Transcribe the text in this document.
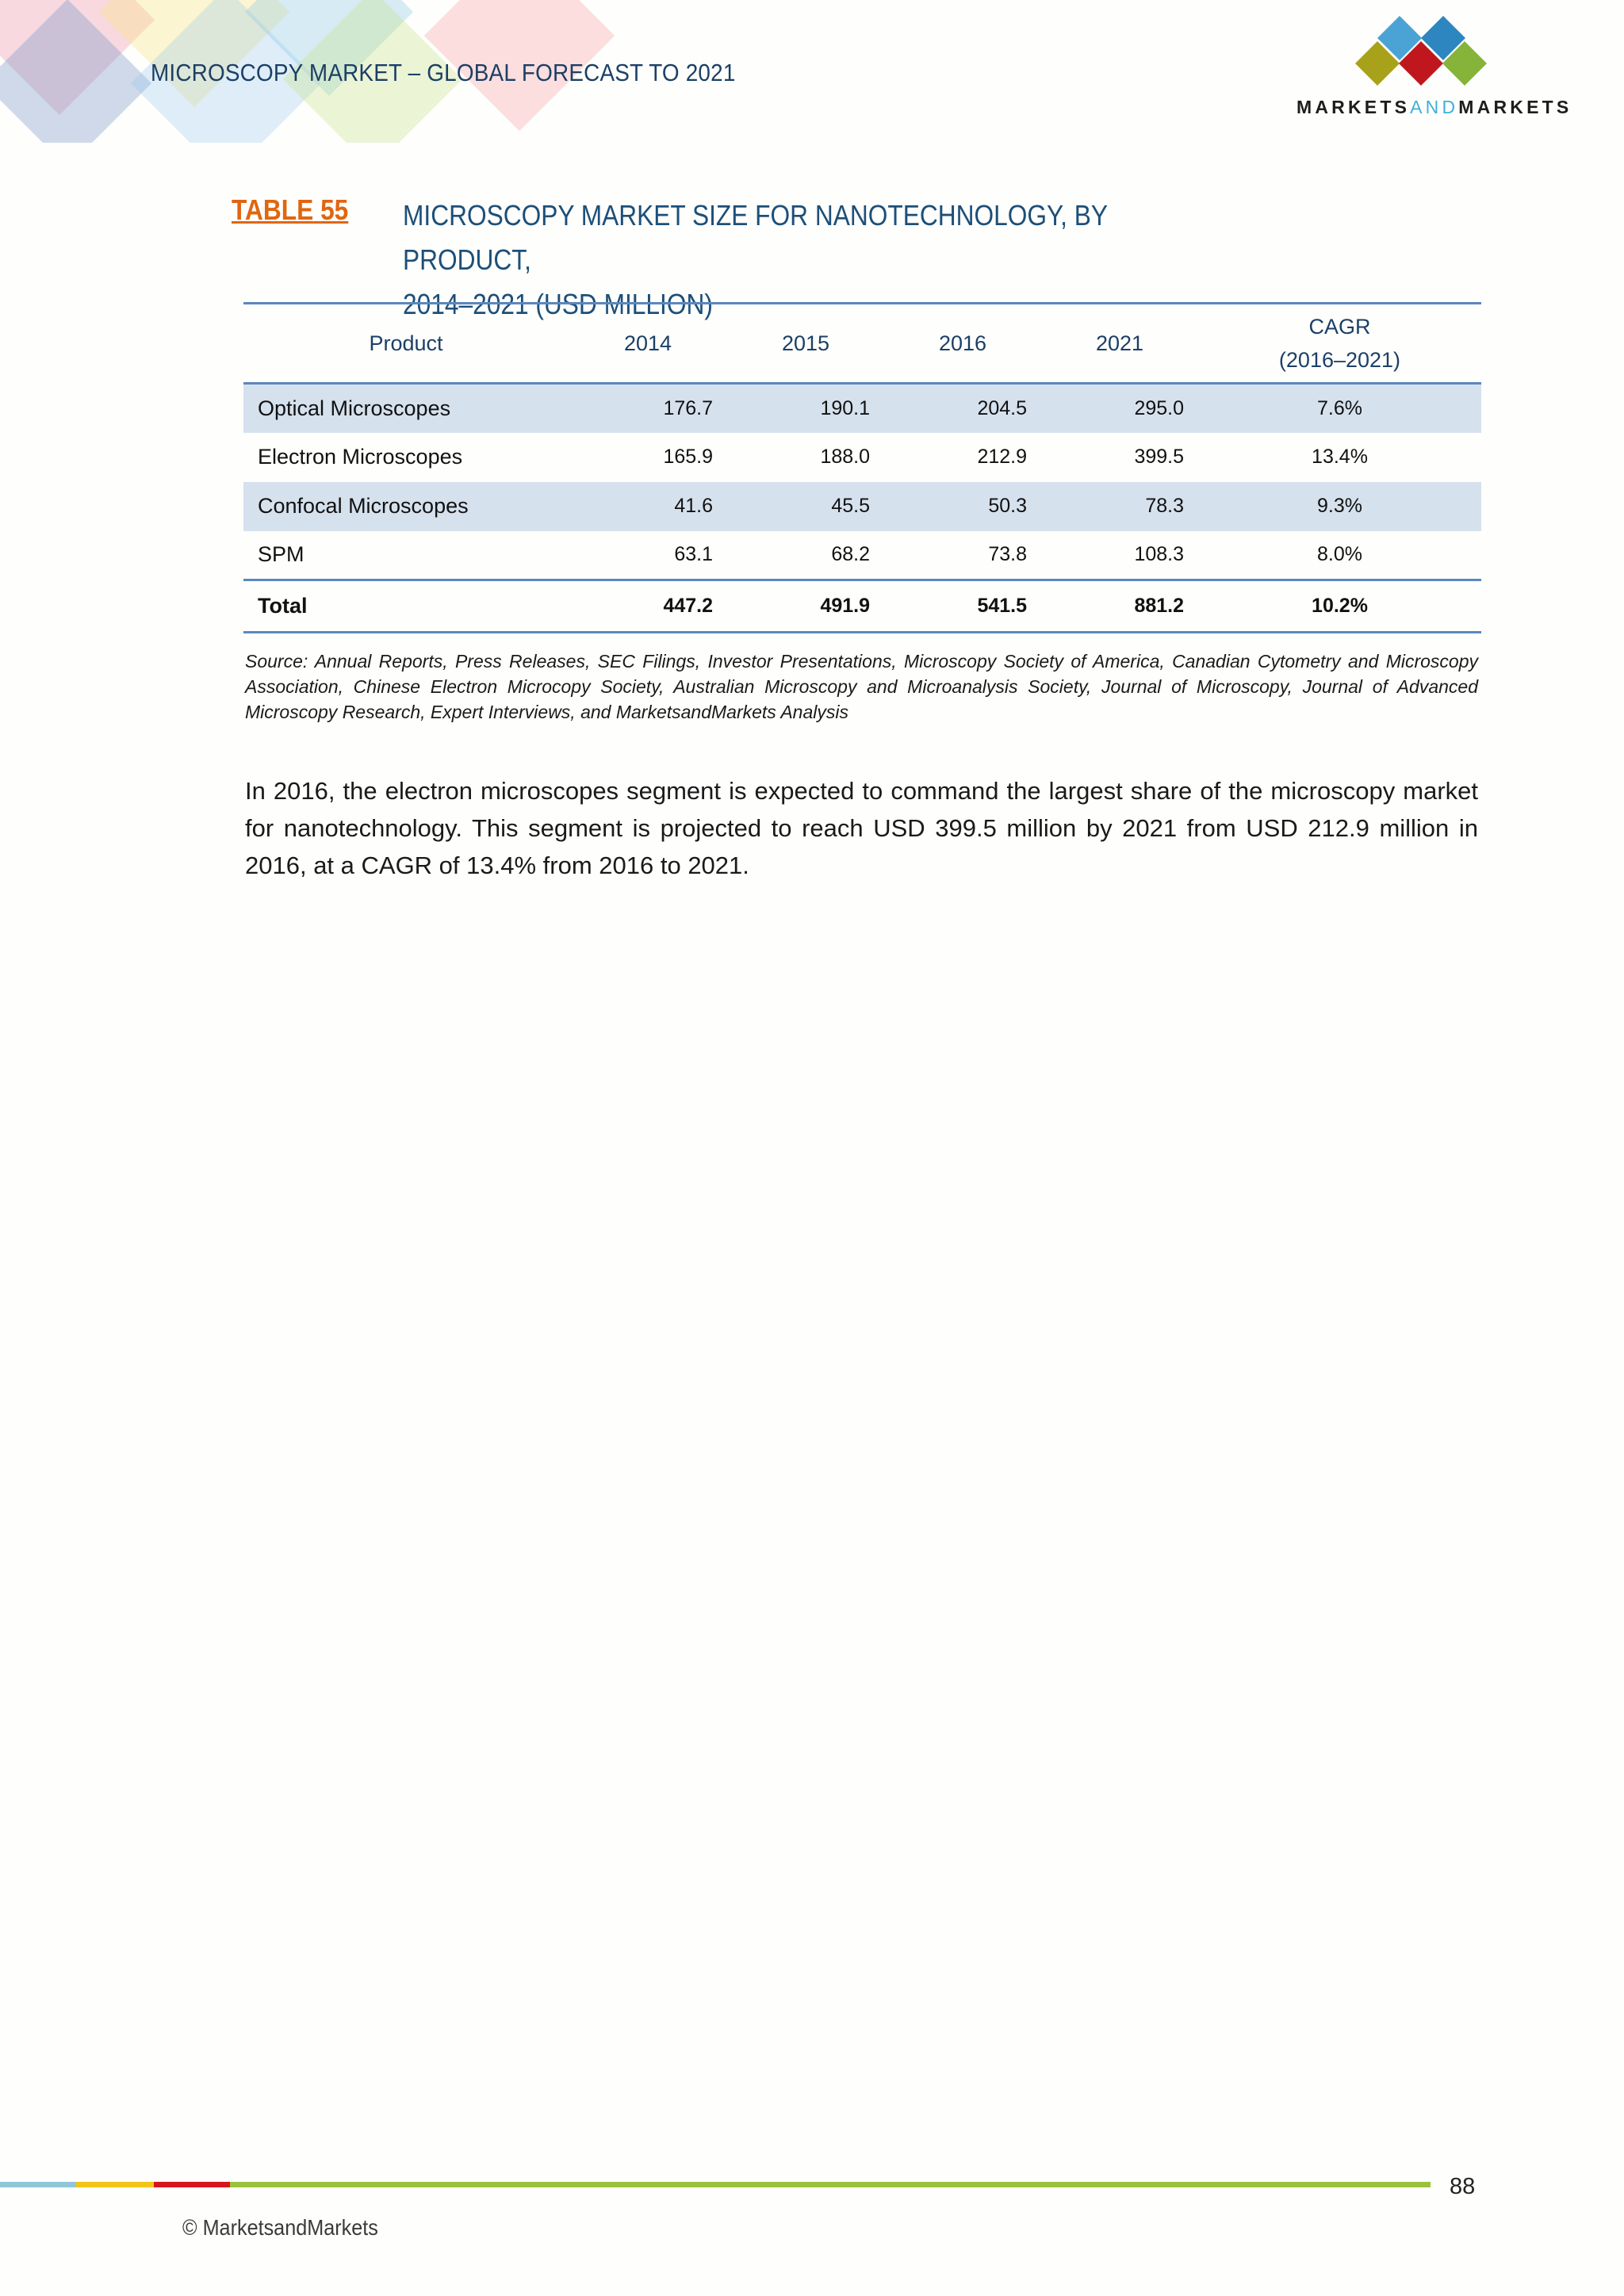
MICROSCOPY MARKET – GLOBAL FORECAST TO 2021
MARKETSANDMARKETS
TABLE 55 MICROSCOPY MARKET SIZE FOR NANOTECHNOLOGY, BY PRODUCT,
2014–2021 (USD MILLION)
Product	2014	2015	2016	2021	CAGR
(2016–2021)

Optical Microscopes	176.7	190.1	204.5	295.0	7.6%
Electron Microscopes	165.9	188.0	212.9	399.5	13.4%
Confocal Microscopes	41.6	45.5	50.3	78.3	9.3%
SPM	63.1	68.2	73.8	108.3	8.0%
Total	447.2	491.9	541.5	881.2	10.2%
Source: Annual Reports, Press Releases, SEC Filings, Investor Presentations, Microscopy Society of America, Canadian Cytometry and Microscopy Association, Chinese Electron Microcopy Society, Australian Microscopy and Microanalysis Society, Journal of Microscopy, Journal of Advanced Microscopy Research, Expert Interviews, and MarketsandMarkets Analysis
In 2016, the electron microscopes segment is expected to command the largest share of the microscopy market for nanotechnology. This segment is projected to reach USD 399.5 million by 2021 from USD 212.9 million in 2016, at a CAGR of 13.4% from 2016 to 2021.
88
© MarketsandMarkets
